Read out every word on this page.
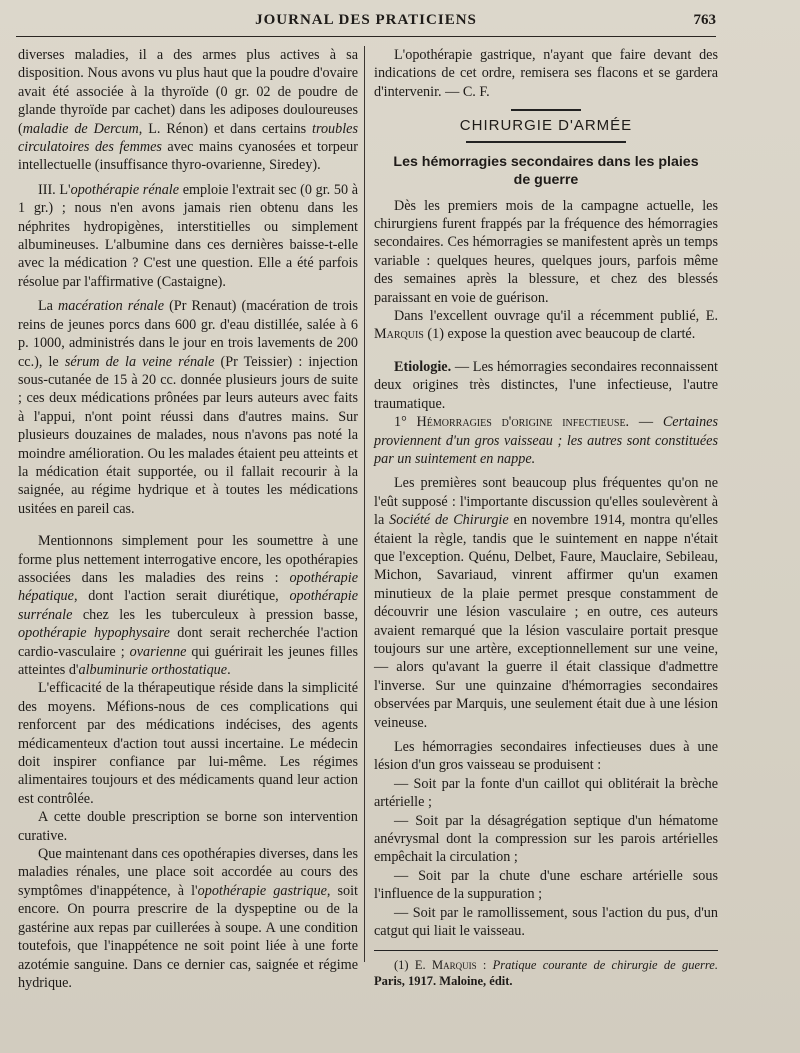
JOURNAL DES PRATICIENS	763

diverses maladies, il a des armes plus actives à sa disposition. Nous avons vu plus haut que la poudre d'ovaire avait été associée à la thyroïde (0 gr. 02 de poudre de glande thyroïde par cachet) dans les adiposes douloureuses (maladie de Dercum, L. Rénon) et dans certains troubles circulatoires des femmes avec mains cyanosées et torpeur intellectuelle (insuffisance thyro-ovarienne, Siredey).

III. L'opothérapie rénale emploie l'extrait sec (0 gr. 50 à 1 gr.) ; nous n'en avons jamais rien obtenu dans les néphrites hydropigènes, interstitielles ou simplement albumineuses. L'albumine dans ces dernières baisse-t-elle avec la médication ? C'est une question. Elle a été parfois résolue par l'affirmative (Castaigne).

La macération rénale (Pr Renaut) (macération de trois reins de jeunes porcs dans 600 gr. d'eau distillée, salée à 6 p. 1000, administrés dans le jour en trois lavements de 200 cc.), le sérum de la veine rénale (Pr Teissier) : injection sous-cutanée de 15 à 20 cc. donnée plusieurs jours de suite ; ces deux médications prônées par leurs auteurs avec faits à l'appui, n'ont point réussi dans d'autres mains. Sur plusieurs douzaines de malades, nous n'avons pas noté la moindre amélioration. Ou les malades étaient peu atteints et la médication était supportée, ou il fallait recourir à la saignée, au régime hydrique et à toutes les médications usitées en pareil cas.

Mentionnons simplement pour les soumettre à une forme plus nettement interrogative encore, les opothérapies associées dans les maladies des reins : opothérapie hépatique, dont l'action serait diurétique, opothérapie surrénale chez les les tuberculeux à pression basse, opothérapie hypophysaire dont serait recherchée l'action cardio-vasculaire ; ovarienne qui guérirait les jeunes filles atteintes d'albuminurie orthostatique.

L'efficacité de la thérapeutique réside dans la simplicité des moyens. Méfions-nous de ces complications qui renforcent par des médications indécises, des agents médicamenteux d'action tout aussi incertaine. Le médecin doit inspirer confiance par lui-même. Les régimes alimentaires toujours et des médicaments quand leur action est contrôlée.

A cette double prescription se borne son intervention curative.

Que maintenant dans ces opothérapies diverses, dans les maladies rénales, une place soit accordée au cours des symptômes d'inappétence, à l'opothérapie gastrique, soit encore. On pourra prescrire de la dyspeptine ou de la gastérine aux repas par cuillerées à soupe. A une condition toutefois, que l'inappétence ne soit point liée à une forte azotémie sanguine. Dans ce dernier cas, saignée et régime hydrique.

L'opothérapie gastrique, n'ayant que faire devant des indications de cet ordre, remisera ses flacons et se gardera d'intervenir. — C. F.

CHIRURGIE D'ARMÉE
Les hémorragies secondaires dans les plaies de guerre

Dès les premiers mois de la campagne actuelle, les chirurgiens furent frappés par la fréquence des hémorragies secondaires. Ces hémorragies se manifestent après un temps variable : quelques heures, quelques jours, parfois même des semaines après la blessure, et chez des blessés paraissant en voie de guérison.

Dans l'excellent ouvrage qu'il a récemment publié, E. Marquis (1) expose la question avec beaucoup de clarté.

Etiologie. — Les hémorragies secondaires reconnaissent deux origines très distinctes, l'une infectieuse, l'autre traumatique.

1° Hémorragies d'origine infectieuse. — Certaines proviennent d'un gros vaisseau ; les autres sont constituées par un suintement en nappe.

Les premières sont beaucoup plus fréquentes qu'on ne l'eût supposé : l'importante discussion qu'elles soulevèrent à la Société de Chirurgie en novembre 1914, montra qu'elles étaient la règle, tandis que le suintement en nappe n'était que l'exception. Quénu, Delbet, Faure, Mauclaire, Sebileau, Michon, Savariaud, vinrent affirmer qu'un examen minutieux de la plaie permet presque constamment de découvrir une lésion vasculaire ; en outre, ces auteurs avaient remarqué que la lésion vasculaire portait presque toujours sur une artère, exceptionnellement sur une veine, — alors qu'avant la guerre il était classique d'admettre l'inverse. Sur une quinzaine d'hémorragies secondaires observées par Marquis, une seulement était due à une lésion veineuse.

Les hémorragies secondaires infectieuses dues à une lésion d'un gros vaisseau se produisent :

— Soit par la fonte d'un caillot qui oblitérait la brèche artérielle ;

— Soit par la désagrégation septique d'un hématome anévrysmal dont la compression sur les parois artérielles empêchait la circulation ;

— Soit par la chute d'une eschare artérielle sous l'influence de la suppuration ;

— Soit par le ramollissement, sous l'action du pus, d'un catgut qui liait le vaisseau.

(1) E. Marquis : Pratique courante de chirurgie de guerre. Paris, 1917. Maloine, édit.
